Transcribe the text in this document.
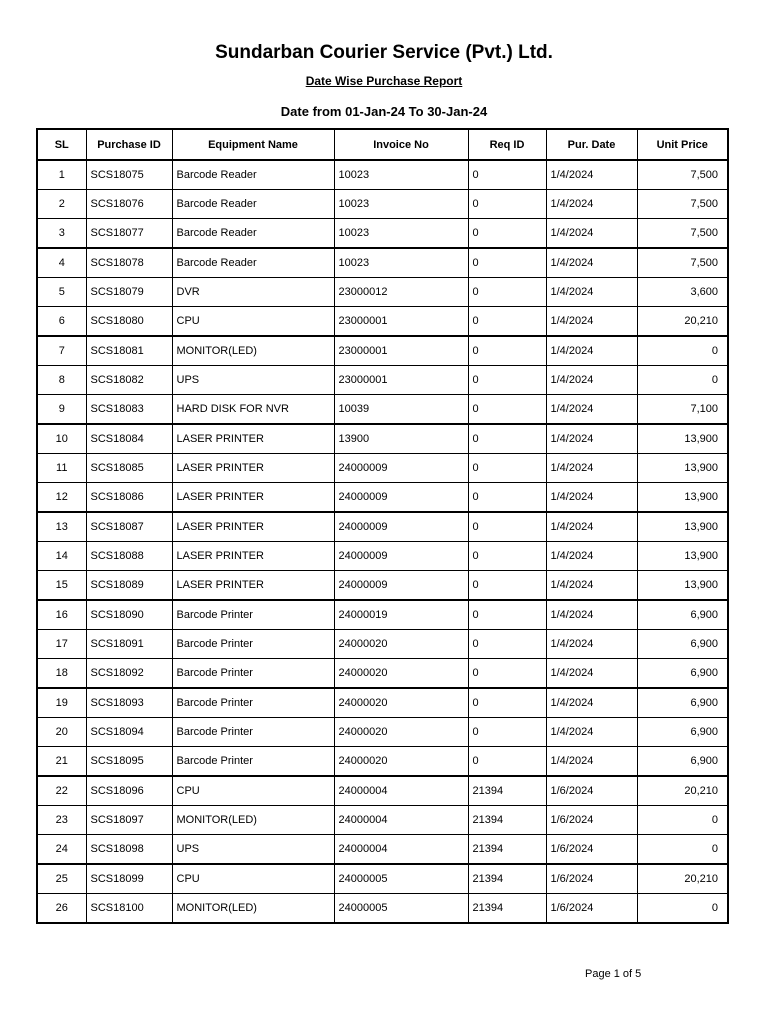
Sundarban Courier Service (Pvt.) Ltd.
Date Wise Purchase Report
Date from 01-Jan-24 To 30-Jan-24
SL	Purchase ID	Equipment Name	Invoice No	Req ID	Pur. Date	Unit Price
1	SCS18075	Barcode Reader	10023	0	1/4/2024	7,500
2	SCS18076	Barcode Reader	10023	0	1/4/2024	7,500
3	SCS18077	Barcode Reader	10023	0	1/4/2024	7,500
4	SCS18078	Barcode Reader	10023	0	1/4/2024	7,500
5	SCS18079	DVR	23000012	0	1/4/2024	3,600
6	SCS18080	CPU	23000001	0	1/4/2024	20,210
7	SCS18081	MONITOR(LED)	23000001	0	1/4/2024	0
8	SCS18082	UPS	23000001	0	1/4/2024	0
9	SCS18083	HARD DISK FOR NVR	10039	0	1/4/2024	7,100
10	SCS18084	LASER PRINTER	13900	0	1/4/2024	13,900
11	SCS18085	LASER PRINTER	24000009	0	1/4/2024	13,900
12	SCS18086	LASER PRINTER	24000009	0	1/4/2024	13,900
13	SCS18087	LASER PRINTER	24000009	0	1/4/2024	13,900
14	SCS18088	LASER PRINTER	24000009	0	1/4/2024	13,900
15	SCS18089	LASER PRINTER	24000009	0	1/4/2024	13,900
16	SCS18090	Barcode Printer	24000019	0	1/4/2024	6,900
17	SCS18091	Barcode Printer	24000020	0	1/4/2024	6,900
18	SCS18092	Barcode Printer	24000020	0	1/4/2024	6,900
19	SCS18093	Barcode Printer	24000020	0	1/4/2024	6,900
20	SCS18094	Barcode Printer	24000020	0	1/4/2024	6,900
21	SCS18095	Barcode Printer	24000020	0	1/4/2024	6,900
22	SCS18096	CPU	24000004	21394	1/6/2024	20,210
23	SCS18097	MONITOR(LED)	24000004	21394	1/6/2024	0
24	SCS18098	UPS	24000004	21394	1/6/2024	0
25	SCS18099	CPU	24000005	21394	1/6/2024	20,210
26	SCS18100	MONITOR(LED)	24000005	21394	1/6/2024	0
Page 1 of 5
